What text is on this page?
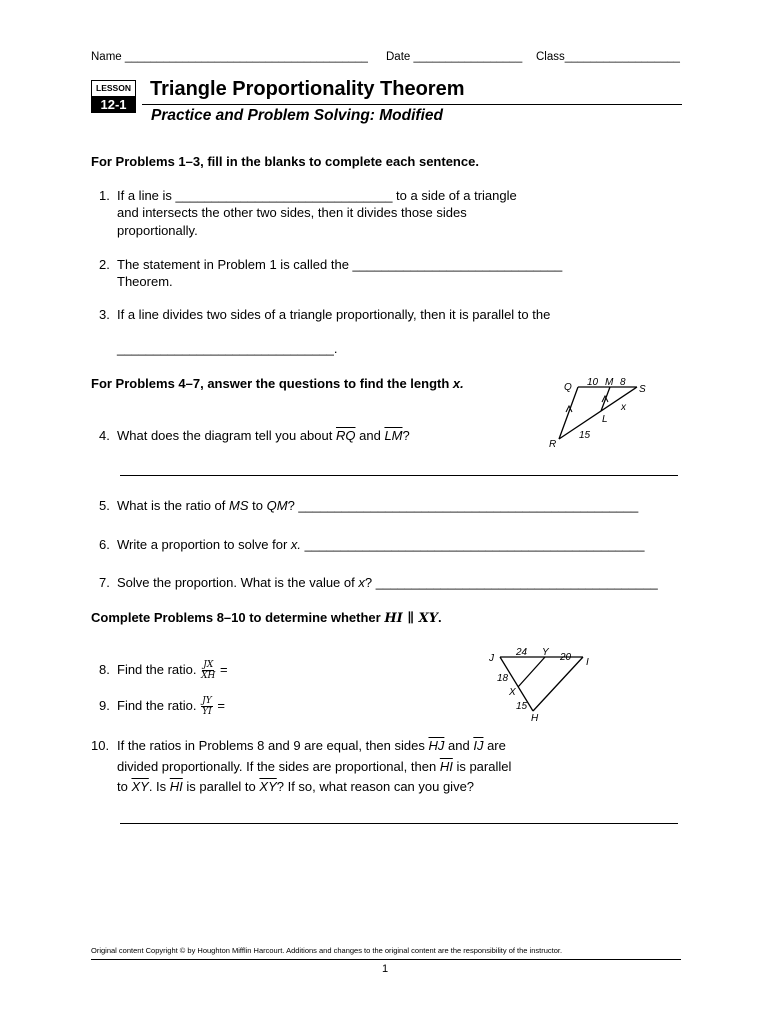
Name ______________________________________ Date _________________ Class__________________
LESSON
12-1
Triangle Proportionality Theorem
Practice and Problem Solving: Modified
For Problems 1–3, fill in the blanks to complete each sentence.
1. If a line is ______________________________ to a side of a triangle
and intersects the other two sides, then it divides those sides
proportionally.
2. The statement in Problem 1 is called the _____________________________
Theorem.
3. If a line divides two sides of a triangle proportionally, then it is parallel to the
______________________________.
For Problems 4–7, answer the questions to find the length x.	Q 10 M 8
S
x
L
15
R
4. What does the diagram tell you about $\overline{RQ}$ and $\overline{LM}$?
5. What is the ratio of MS to QM? _______________________________________________
6. Write a proportion to solve for x. _______________________________________________
7. Solve the proportion. What is the value of x? _______________________________________
Complete Problems 8–10 to determine whether HI ∥ XY.
J
24 Y 20 I
18
X
15
H
8. Find the ratio. $\frac{JX}{XH}$ =
9. Find the ratio. $\frac{JY}{YI}$ =
10. If the ratios in Problems 8 and 9 are equal, then sides $\overline{HJ}$ and $\overline{IJ}$ are
divided proportionally. If the sides are proportional, then $\overline{HI}$ is parallel
to $\overline{XY}$. Is $\overline{HI}$ is parallel to $\overline{XY}$? If so, what reason can you give?
Original content Copyright © by Houghton Mifflin Harcourt. Additions and changes to the original content are the responsibility of the instructor.
1
